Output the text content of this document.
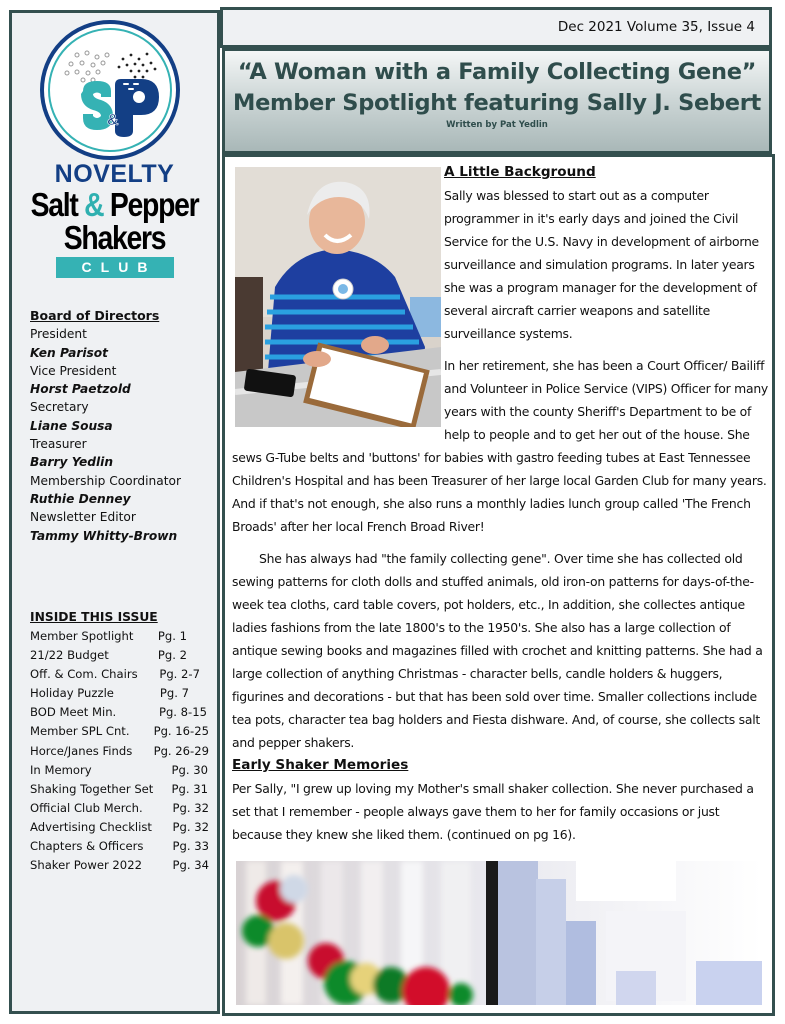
&
NOVELTY
Salt & Pepper
Shakers
CLUB
Board of Directors
President
Ken Parisot
Vice President
Horst Paetzold
Secretary
Liane Sousa
Treasurer
Barry Yedlin
Membership Coordinator
Ruthie Denney
Newsletter Editor
Tammy Whitty-Brown
INSIDE THIS ISSUE
Member Spotlight Pg. 1
21/22 Budget	Pg. 2
Off. & Com. Chairs Pg. 2-7
Holiday Puzzle	Pg. 7
BOD Meet Min.	Pg. 8-15
Member SPL Cnt. Pg. 16-25
Horce/Janes Finds Pg. 26-29
In Memory	Pg. 30
Shaking Together Set Pg. 31
Official Club Merch.	Pg. 32
Advertising Checklist Pg. 32
Chapters & Officers	Pg. 33
Shaker Power 2022	Pg. 34
Dec 2021 Volume 35, Issue 4
“A Woman with a Family Collecting Gene”
Member Spotlight featuring Sally J. Sebert
Written by Pat Yedlin
A Little Background

Sally was blessed to start out as a computer programmer in it's early days and joined the Civil Service for the U.S. Navy in development of airborne surveillance and simulation programs. In later years she was a program manager for the development of several aircraft carrier weapons and satellite surveillance systems.

In her retirement, she has been a Court Officer/ Bailiff and Volunteer in Police Service (VIPS) Officer for many years with the county Sheriff's Department to be of help to people and to get her out of the house. She sews G-Tube belts and 'buttons' for babies with gastro feeding tubes at East Tennessee Children's Hospital and has been Treasurer of her large local Garden Club for many years. And if that's not enough, she also runs a monthly ladies lunch group called 'The French Broads' after her local French Broad River!

She has always had "the family collecting gene". Over time she has collected old sewing patterns for cloth dolls and stuffed animals, old iron-on patterns for days-of-the-week tea cloths, card table covers, pot holders, etc., In addition, she collectes antique ladies fashions from the late 1800's to the 1950's. She also has a large collection of antique sewing books and magazines filled with crochet and knitting patterns. She had a large collection of anything Christmas - character bells, candle holders & huggers, figurines and decorations - but that has been sold over time. Smaller collections include tea pots, character tea bag holders and Fiesta dishware. And, of course, she collects salt and pepper shakers.

Early Shaker Memories

Per Sally, "I grew up loving my Mother's small shaker collection. She never purchased a set that I remember - people always gave them to her for family occasions or just because they knew she liked them. (continued on pg 16).
